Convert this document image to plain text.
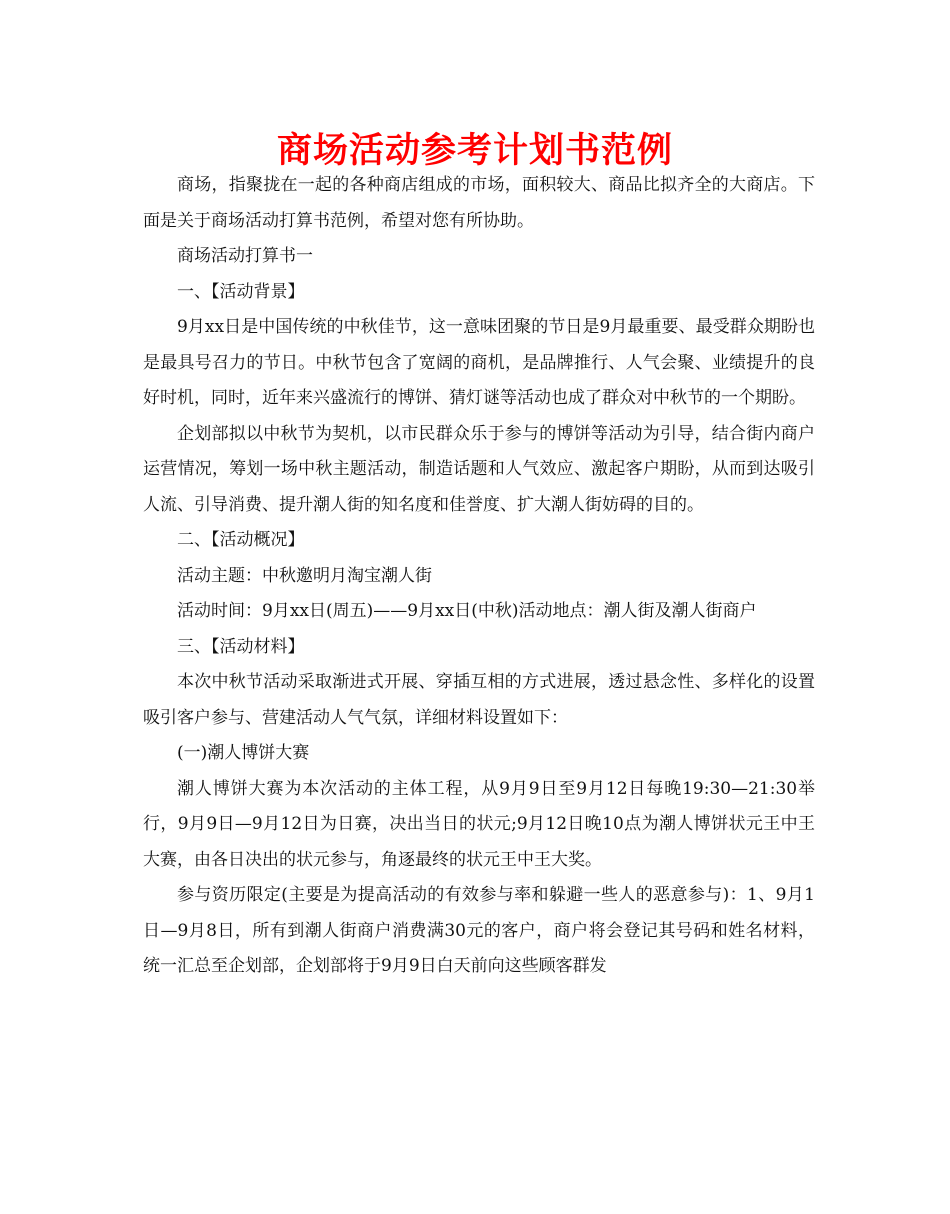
商场活动参考计划书范例

商场，指聚拢在一起的各种商店组成的市场，面积较大、商品比拟齐全的大商店。下面是关于商场活动打算书范例，希望对您有所协助。

商场活动打算书一

一、【活动背景】

9月xx日是中国传统的中秋佳节，这一意味团聚的节日是9月最重要、最受群众期盼也是最具号召力的节日。中秋节包含了宽阔的商机，是品牌推行、人气会聚、业绩提升的良好时机，同时，近年来兴盛流行的博饼、猜灯谜等活动也成了群众对中秋节的一个期盼。

企划部拟以中秋节为契机，以市民群众乐于参与的博饼等活动为引导，结合街内商户运营情况，筹划一场中秋主题活动，制造话题和人气效应、激起客户期盼，从而到达吸引人流、引导消费、提升潮人街的知名度和佳誉度、扩大潮人街妨碍的目的。

二、【活动概况】

活动主题：中秋邀明月淘宝潮人街

活动时间：9月xx日(周五)——9月xx日(中秋)活动地点：潮人街及潮人街商户

三、【活动材料】

本次中秋节活动采取渐进式开展、穿插互相的方式进展，透过悬念性、多样化的设置吸引客户参与、营建活动人气气氛，详细材料设置如下：

(一)潮人博饼大赛

潮人博饼大赛为本次活动的主体工程，从9月9日至9月12日每晚19:30—21:30举行，9月9日—9月12日为日赛，决出当日的状元;9月12日晚10点为潮人博饼状元王中王大赛，由各日决出的状元参与，角逐最终的状元王中王大奖。

参与资历限定(主要是为提高活动的有效参与率和躲避一些人的恶意参与)：1、9月1日—9月8日，所有到潮人街商户消费满30元的客户，商户将会登记其号码和姓名材料，统一汇总至企划部，企划部将于9月9日白天前向这些顾客群发
